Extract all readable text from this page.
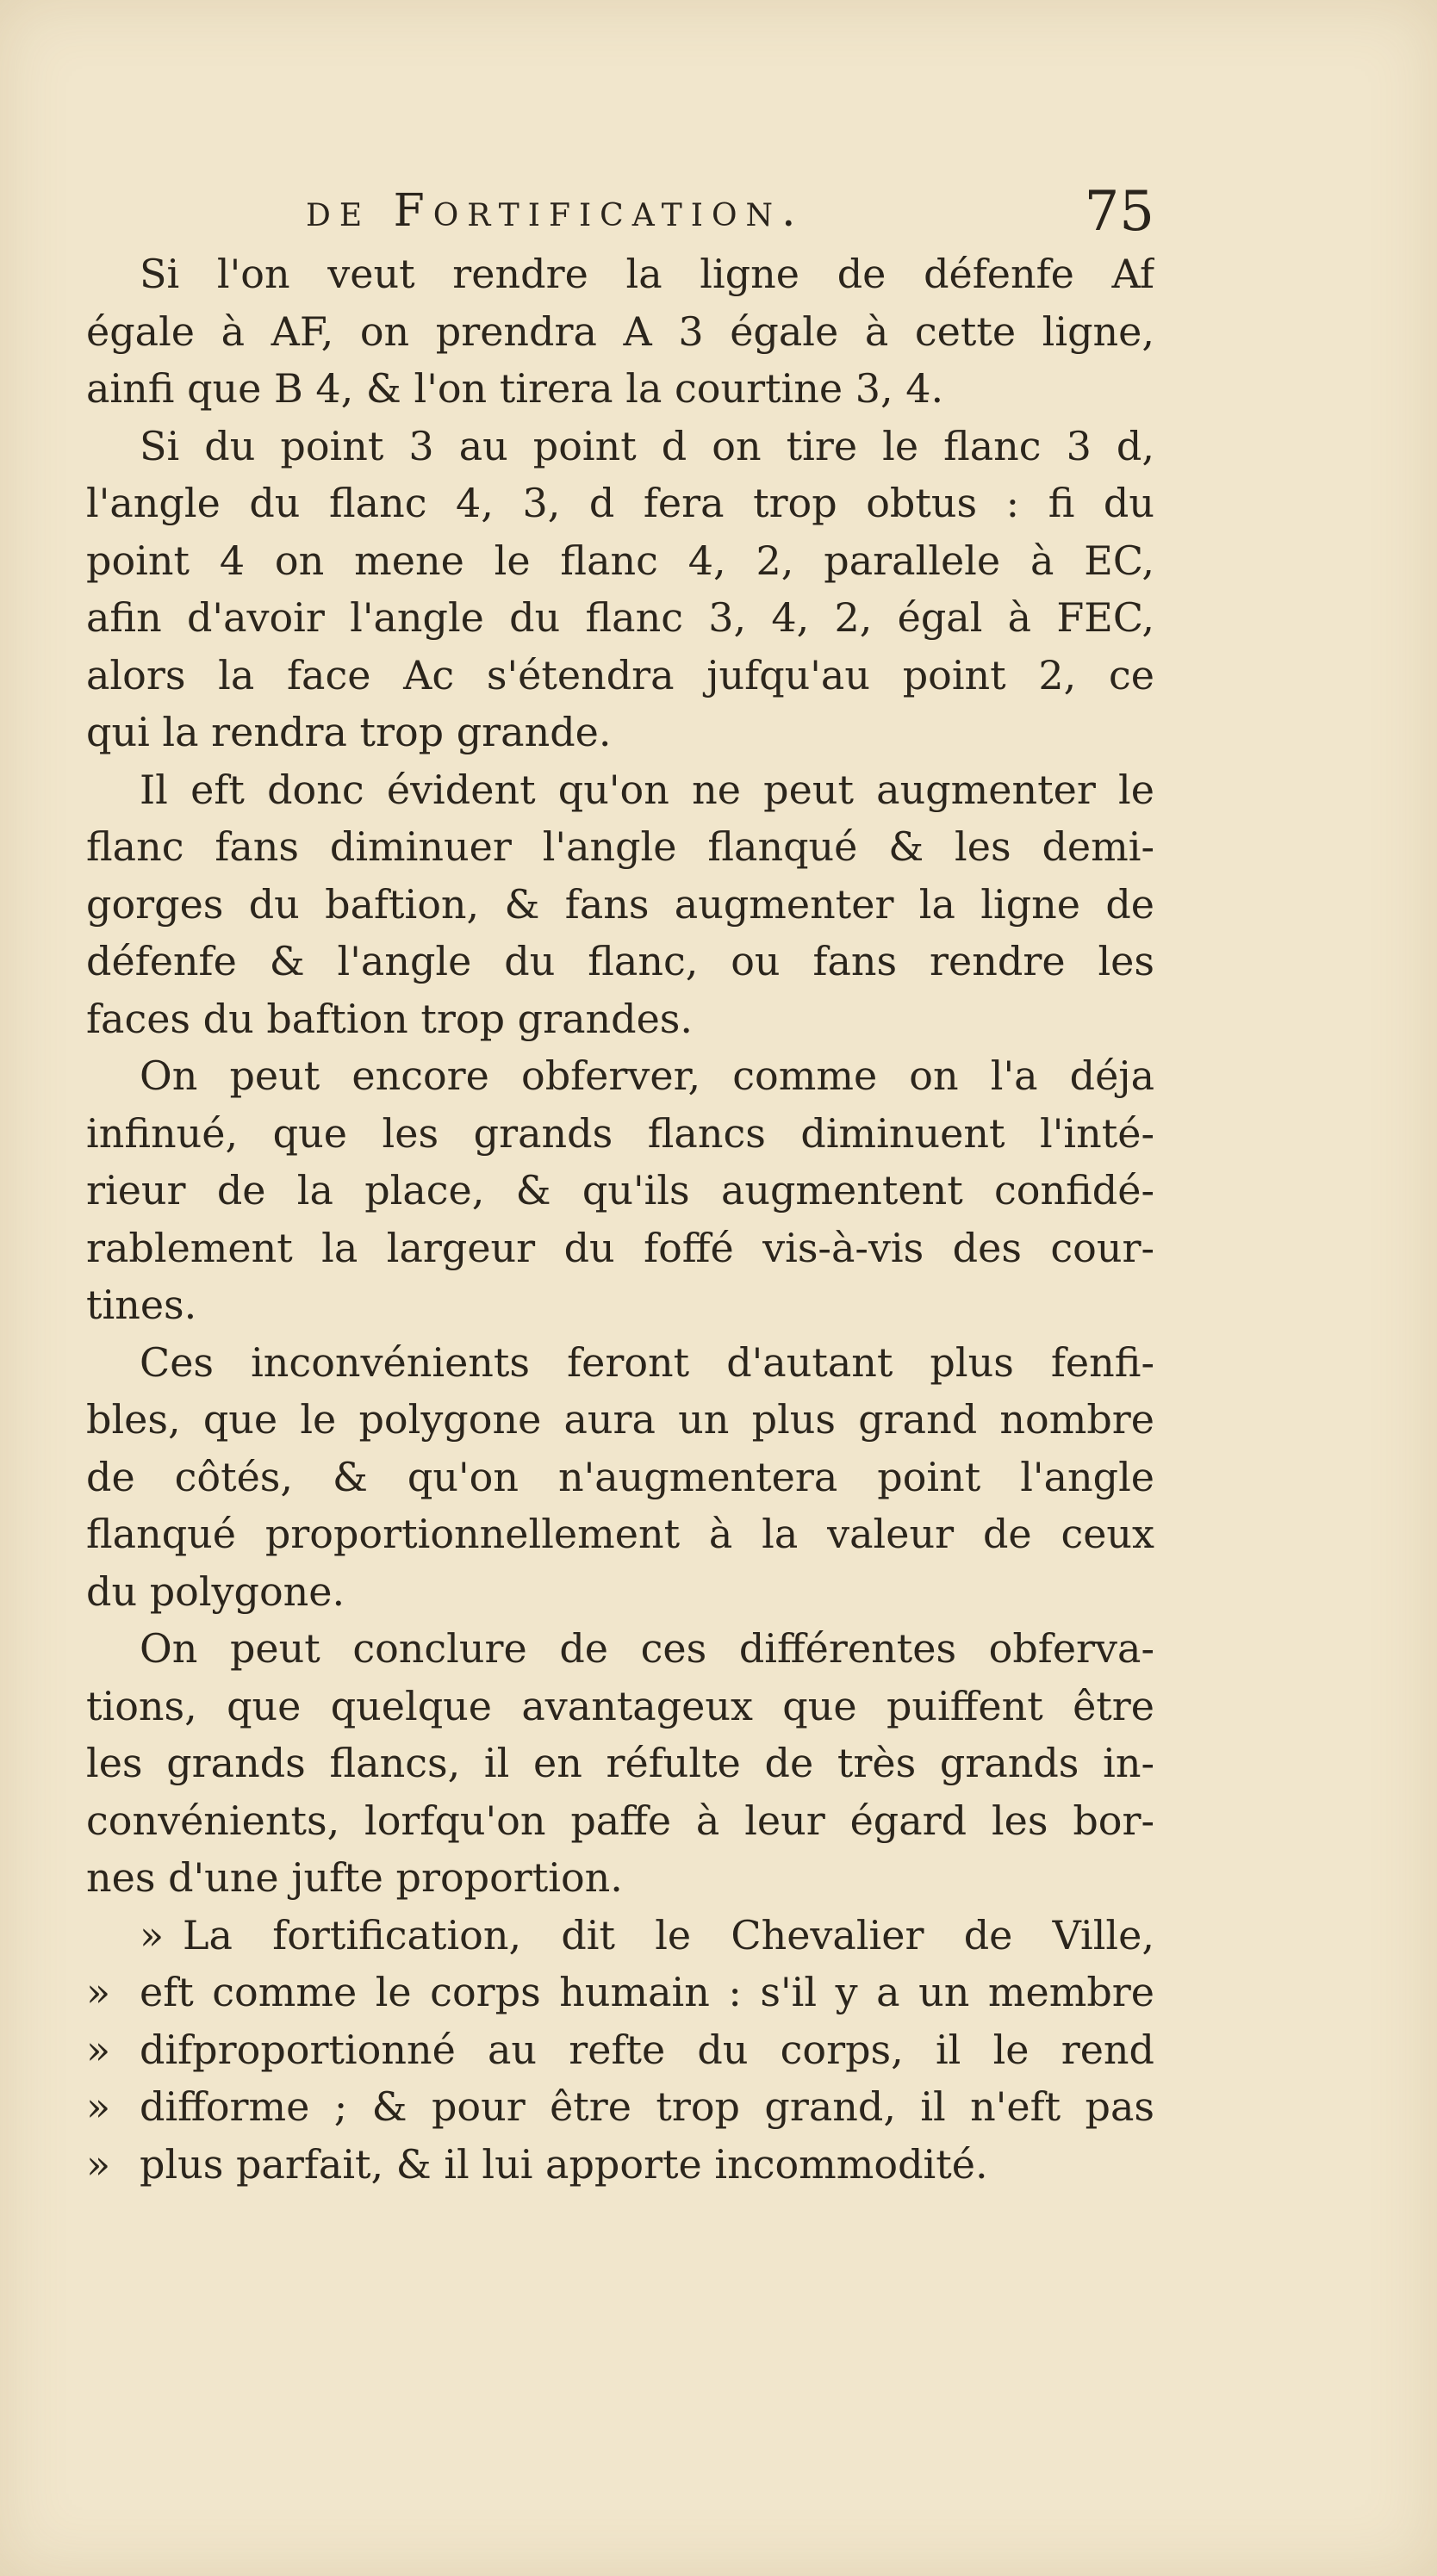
de Fortification.	75
Si l'on veut rendre la ligne de défenfe Af
égale à AF, on prendra A 3 égale à cette ligne,
ainfi que B 4, & l'on tirera la courtine 3, 4.
Si du point 3 au point d on tire le flanc 3 d,
l'angle du flanc 4, 3, d fera trop obtus : fi du
point 4 on mene le flanc 4, 2, parallele à EC,
afin d'avoir l'angle du flanc 3, 4, 2, égal à FEC,
alors la face Ac s'étendra jufqu'au point 2, ce
qui la rendra trop grande.
Il eft donc évident qu'on ne peut augmenter le
flanc fans diminuer l'angle flanqué & les demi-
gorges du baftion, & fans augmenter la ligne de
défenfe & l'angle du flanc, ou fans rendre les
faces du baftion trop grandes.
On peut encore obferver, comme on l'a déja
infinué, que les grands flancs diminuent l'inté-
rieur de la place, & qu'ils augmentent confidé-
rablement la largeur du foffé vis-à-vis des cour-
tines.
Ces inconvénients feront d'autant plus fenfi-
bles, que le polygone aura un plus grand nombre
de côtés, & qu'on n'augmentera point l'angle
flanqué proportionnellement à la valeur de ceux
du polygone.
On peut conclure de ces différentes obferva-
tions, que quelque avantageux que puiffent être
les grands flancs, il en réfulte de très grands in-
convénients, lorfqu'on paffe à leur égard les bor-
nes d'une jufte proportion.
» La fortification, dit le Chevalier de Ville,
» eft comme le corps humain : s'il y a un membre
» difproportionné au refte du corps, il le rend
» difforme ; & pour être trop grand, il n'eft pas
» plus parfait, & il lui apporte incommodité.
